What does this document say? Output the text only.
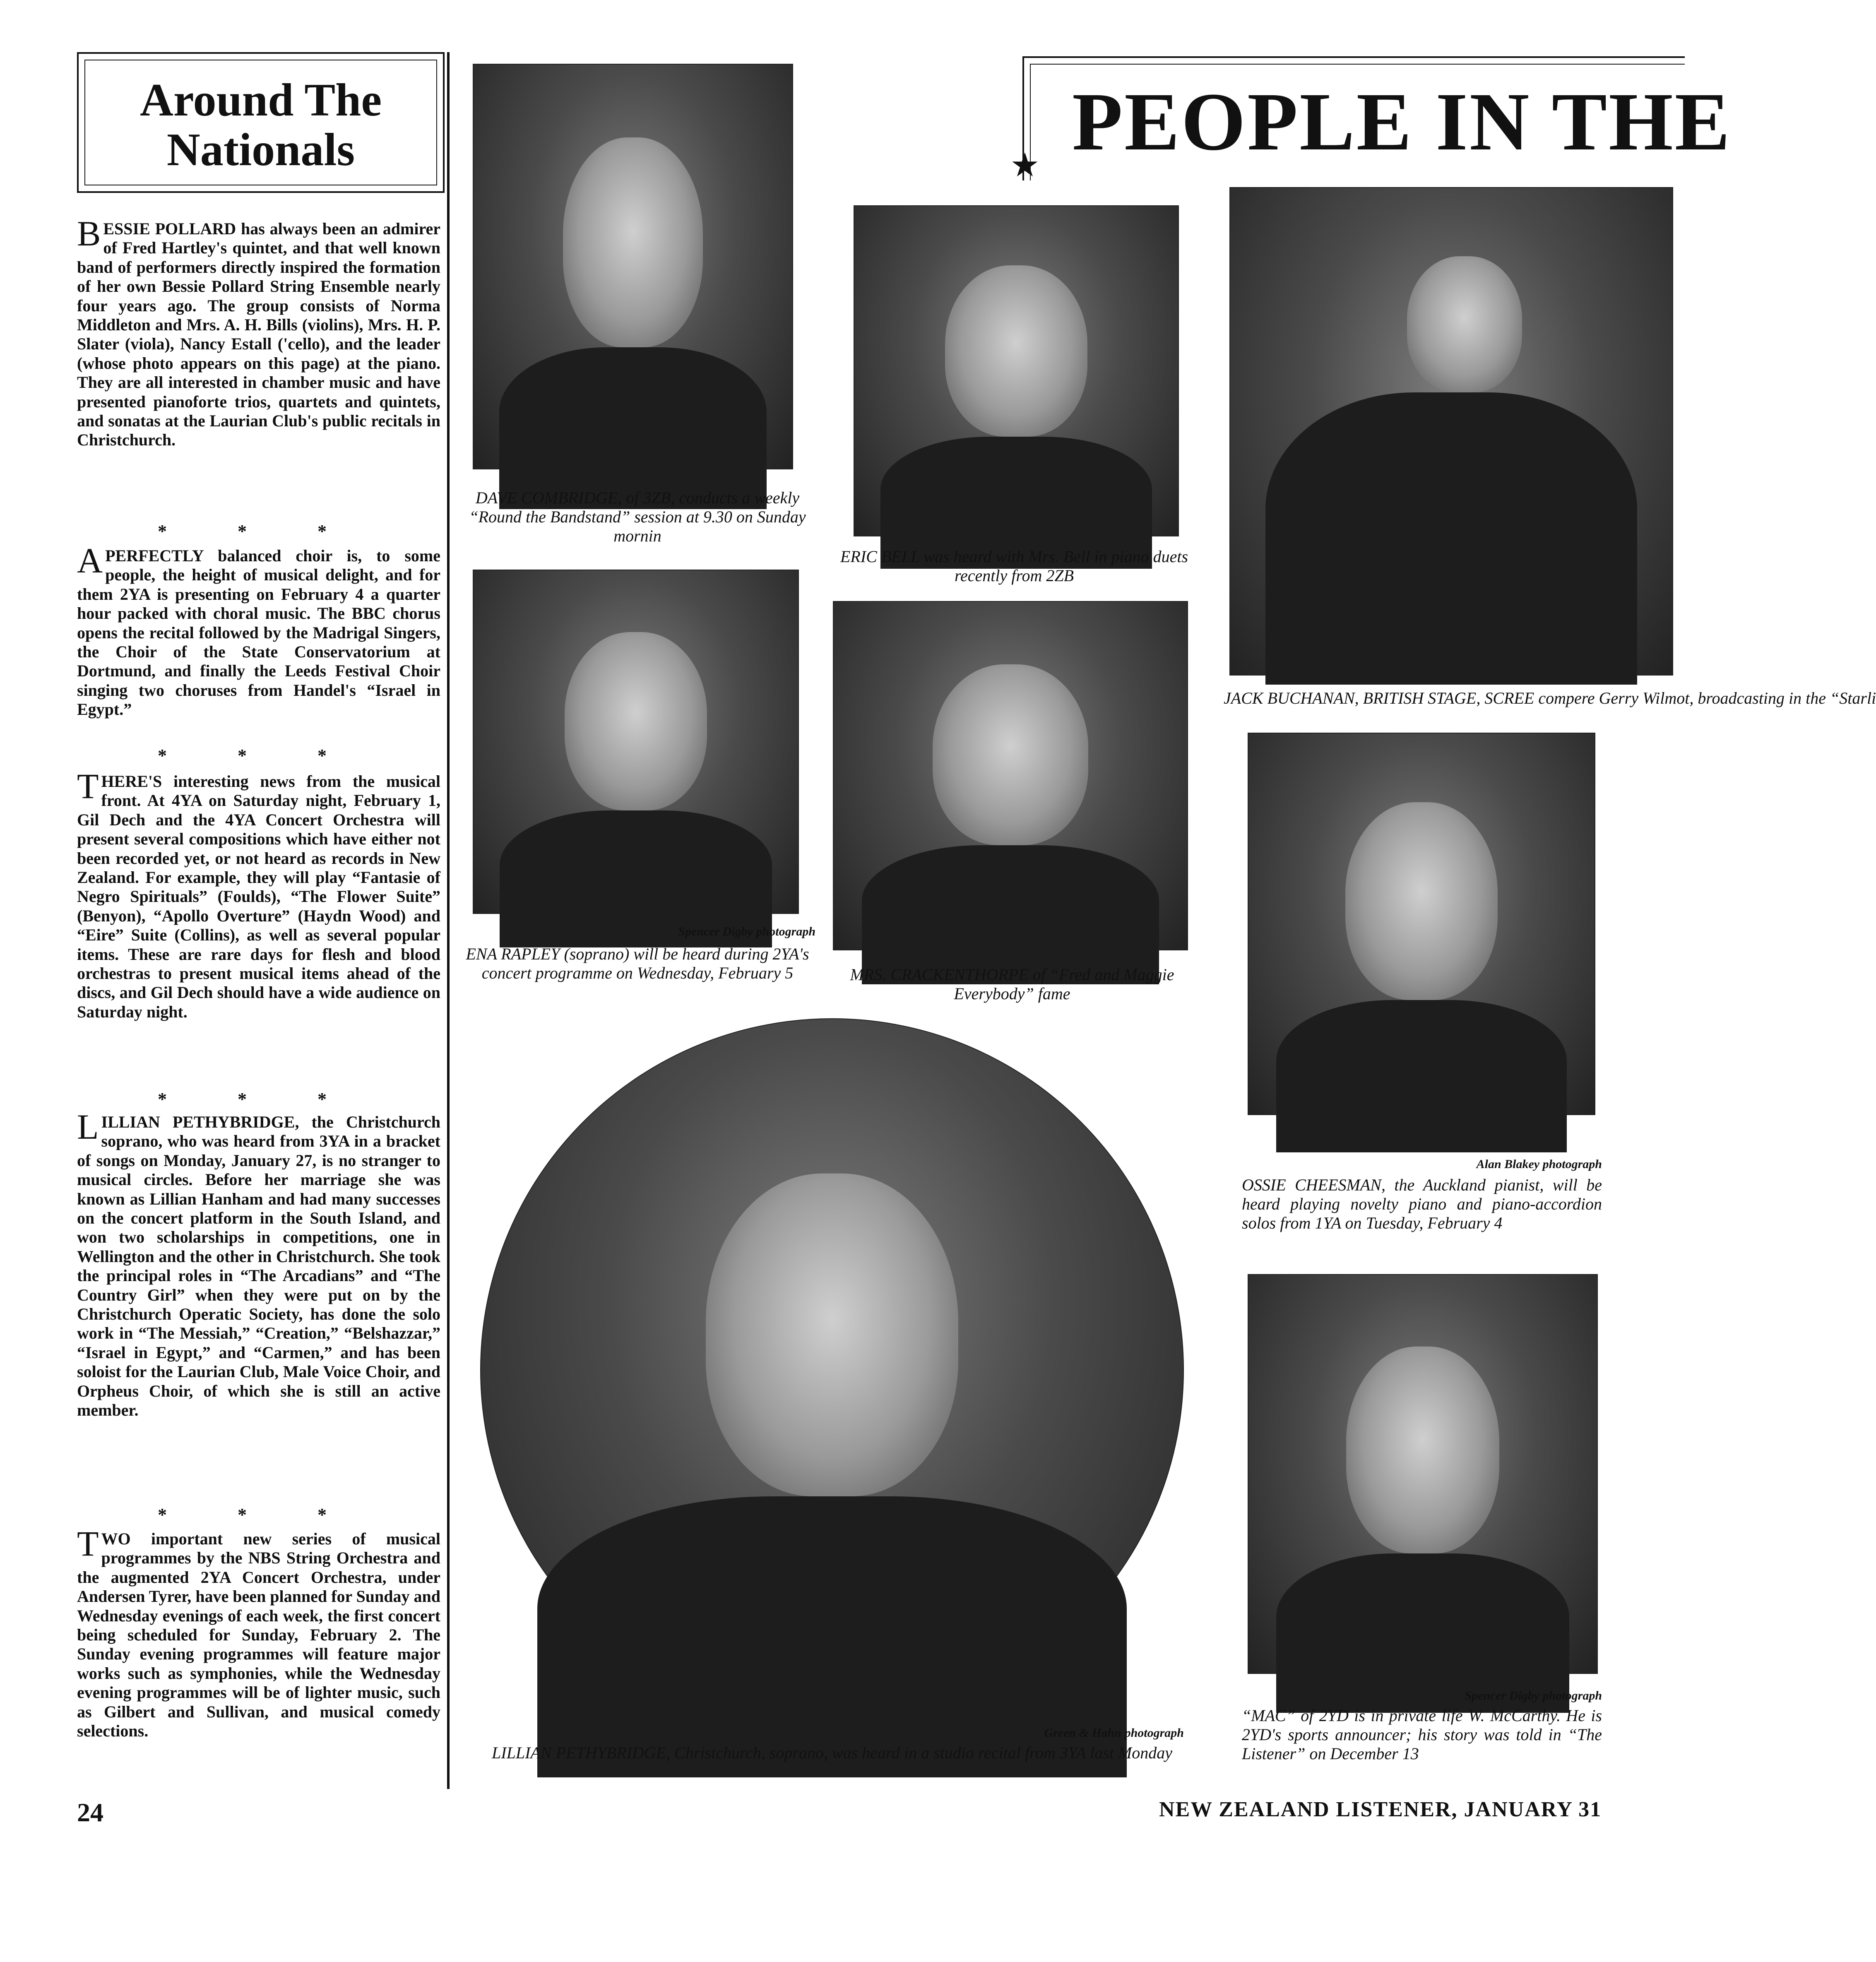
Around The
Nationals
BESSIE POLLARD has always been an admirer of Fred Hartley's quintet, and that well known band of performers directly inspired the formation of her own Bessie Pollard String Ensemble nearly four years ago. The group consists of Norma Middleton and Mrs. A. H. Bills (violins), Mrs. H. P. Slater (viola), Nancy Estall ('cello), and the leader (whose photo appears on this page) at the piano. They are all interested in chamber music and have presented pianoforte trios, quartets and quintets, and sonatas at the Laurian Club's public recitals in Christchurch.
* * *
A PERFECTLY balanced choir is, to some people, the height of musical delight, and for them 2YA is presenting on February 4 a quarter hour packed with choral music. The BBC chorus opens the recital followed by the Madrigal Singers, the Choir of the State Conservatorium at Dortmund, and finally the Leeds Festival Choir singing two choruses from Handel's “Israel in Egypt.”
* * *
THERE'S interesting news from the musical front. At 4YA on Saturday night, February 1, Gil Dech and the 4YA Concert Orchestra will present several compositions which have either not been recorded yet, or not heard as records in New Zealand. For example, they will play “Fantasie of Negro Spirituals” (Foulds), “The Flower Suite” (Benyon), “Apollo Overture” (Haydn Wood) and “Eire” Suite (Collins), as well as several popular items. These are rare days for flesh and blood orchestras to present musical items ahead of the discs, and Gil Dech should have a wide audience on Saturday night.
* * *
LILLIAN PETHYBRIDGE, the Christchurch soprano, who was heard from 3YA in a bracket of songs on Monday, January 27, is no stranger to musical circles. Before her marriage she was known as Lillian Hanham and had many successes on the concert platform in the South Island, and won two scholarships in competitions, one in Wellington and the other in Christchurch. She took the principal roles in “The Arcadians” and “The Country Girl” when they were put on by the Christchurch Operatic Society, has done the solo work in “The Messiah,” “Creation,” “Belshazzar,” “Israel in Egypt,” and “Carmen,” and has been soloist for the Laurian Club, Male Voice Choir, and Orpheus Choir, of which she is still an active member.
* * *
TWO important new series of musical programmes by the NBS String Orchestra and the augmented 2YA Concert Orchestra, under Andersen Tyrer, have been planned for Sunday and Wednesday evenings of each week, the first concert being scheduled for Sunday, February 2. The Sunday evening programmes will feature major works such as symphonies, while the Wednesday evening programmes will be of lighter music, such as Gilbert and Sullivan, and musical comedy selections.
PEOPLE IN THE
★
DAVE COMBRIDGE, of 3ZB, conducts a weekly “Round the Bandstand” session at 9.30 on Sunday mornin
ERIC BELL was heard with Mrs. Bell in piano duets recently from 2ZB
JACK BUCHANAN, BRITISH STAGE, SCREE compere Gerry Wilmot, broadcasting in the “Starli
Spencer Digby photograph
ENA RAPLEY (soprano) will be heard during 2YA's concert programme on Wednesday, February 5	MRS. CRACKENTHORPE of “Fred and Maggie Everybody” fame
Alan Blakey photograph
OSSIE CHEESMAN, the Auckland pianist, will be heard playing novelty piano and piano-accordion solos from 1YA on Tuesday, February 4
Green & Hahn photograph
LILLIAN PETHYBRIDGE, Christchurch, soprano, was heard in a studio recital from 3YA last Monday
Spencer Digby photograph
“MAC” of 2YD is in private life W. McCarthy. He is 2YD's sports announcer; his story was told in “The Listener” on December 13
24	NEW ZEALAND LISTENER, JANUARY 31
